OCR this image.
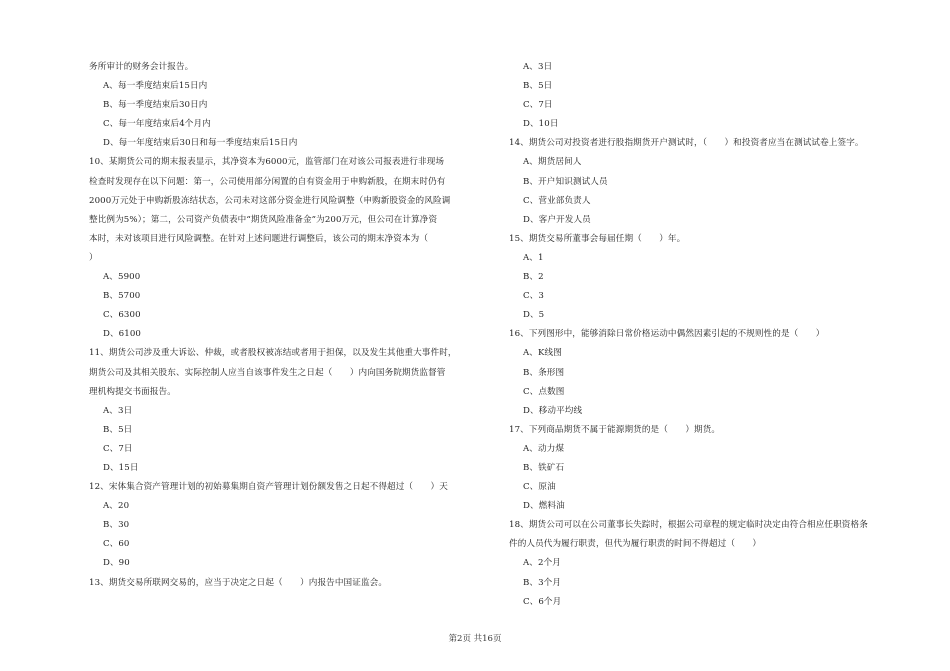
务所审计的财务会计报告。
A、每一季度结束后15日内
B、每一季度结束后30日内
C、每一年度结束后4个月内
D、每一年度结束后30日和每一季度结束后15日内
10、某期货公司的期末报表显示，其净资本为6000元，监管部门在对该公司报表进行非现场
检查时发现存在以下问题：第一，公司使用部分闲置的自有资金用于申购新股，在期末时仍有
2000万元处于申购新股冻结状态，公司未对这部分资金进行风险调整（申购新股资金的风险调
整比例为5%）；第二，公司资产负债表中“期货风险准备金”为200万元，但公司在计算净资
本时，未对该项目进行风险调整。在针对上述问题进行调整后，该公司的期末净资本为（
）
A、5900
B、5700
C、6300
D、6100
11、期货公司涉及重大诉讼、仲裁，或者股权被冻结或者用于担保，以及发生其他重大事件时，
期货公司及其相关股东、实际控制人应当自该事件发生之日起（　　）内向国务院期货监督管
理机构提交书面报告。
A、3日
B、5日
C、7日
D、15日
12、宋体集合资产管理计划的初始募集期自资产管理计划份额发售之日起不得超过（　　）天
A、20
B、30
C、60
D、90
13、期货交易所联网交易的，应当于决定之日起（　　）内报告中国证监会。
A、3日
B、5日
C、7日
D、10日
14、期货公司对投资者进行股指期货开户测试时，（　　）和投资者应当在测试试卷上签字。
A、期货居间人
B、开户知识测试人员
C、营业部负责人
D、客户开发人员
15、期货交易所董事会每届任期（　　）年。
A、1
B、2
C、3
D、5
16、下列图形中，能够消除日常价格运动中偶然因素引起的不规则性的是（　　）
A、K线图
B、条形图
C、点数图
D、移动平均线
17、下列商品期货不属于能源期货的是（　　）期货。
A、动力煤
B、铁矿石
C、原油
D、燃料油
18、期货公司可以在公司董事长失踪时，根据公司章程的规定临时决定由符合相应任职资格条
件的人员代为履行职责，但代为履行职责的时间不得超过（　　）
A、2个月
B、3个月
C、6个月
第2页 共16页
